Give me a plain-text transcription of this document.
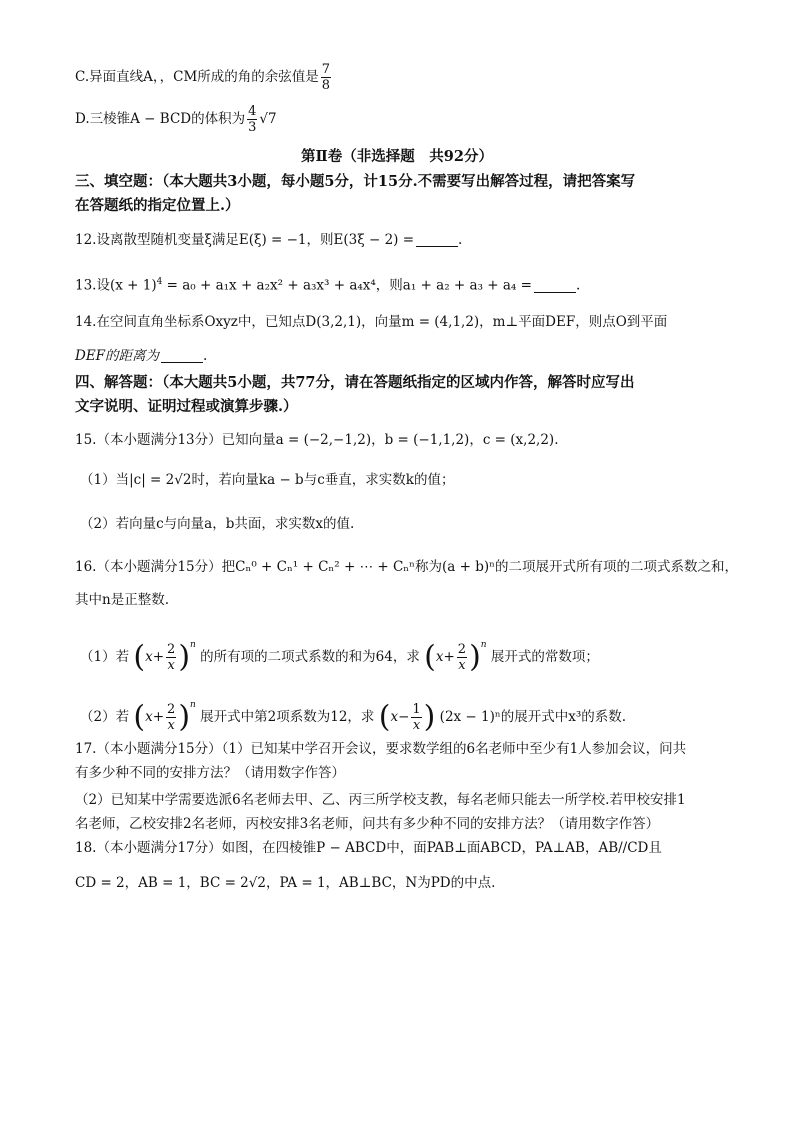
C.异面直线A，，CM所成的角的余弦值是 $\frac{7}{8}$
D.三棱锥A − BCD的体积为 $\frac{4}{3} √7$
第Ⅱ卷（非选择题　共92分）
三、填空题：（本大题共3小题，每小题5分，计15分.不需要写出解答过程，请把答案写
在答题纸的指定位置上.）
12.设离散型随机变量ξ满足E(ξ) = −1，则E(3ξ − 2) =	.
13.设$(x + 1)^4 = a_0 + a_1x + a_2x^2 + a_3x^3 + a_4x^4$，则a₁ + a₂ + a₃ + a₄ =	.
14.在空间直角坐标系Oxyz中，已知点D(3,2,1)，向量m = (4,1,2)，m⊥平面DEF，则点O到平面
DEF的距离为	.
四、解答题：（本大题共5小题，共77分，请在答题纸指定的区域内作答，解答时应写出
文字说明、证明过程或演算步骤.）
15.（本小题满分13分）已知向量a = (−2,−1,2)，b = (−1,1,2)，c = (x,2,2).
（1）当|c| = 2√2时，若向量ka − b与c垂直，求实数k的值；
（2）若向量c与向量a，b共面，求实数x的值.
16.（本小题满分15分）把Cₙ⁰ + Cₙ¹ + Cₙ² + ⋯ + Cₙⁿ称为(a + b)ⁿ的二项展开式所有项的二项式系数之和，
其中n是正整数.
（1）若 $(x+ \frac{2}{x} )^n$ 的所有项的二项式系数的和为64，求 $(x+ \frac{2}{x} )^n$ 展开式的常数项；
（2）若 $(x+ \frac{2}{x} )^n$ 展开式中第2项系数为12，求 ($x- \frac{1}{x}$ ) (2x − 1)ⁿ的展开式中x³的系数.
17.（本小题满分15分）（1）已知某中学召开会议，要求数学组的6名老师中至少有1人参加会议，问共
有多少种不同的安排方法？（请用数字作答）
（2）已知某中学需要选派6名老师去甲、乙、丙三所学校支教，每名老师只能去一所学校.若甲校安排1
名老师，乙校安排2名老师，丙校安排3名老师，问共有多少种不同的安排方法？（请用数字作答）
18.（本小题满分17分）如图，在四棱锥P − ABCD中，面PAB⊥面ABCD，PA⊥AB，AB//CD且
CD = 2，AB = 1，BC = 2√2，PA = 1，AB⊥BC，N为PD的中点.
